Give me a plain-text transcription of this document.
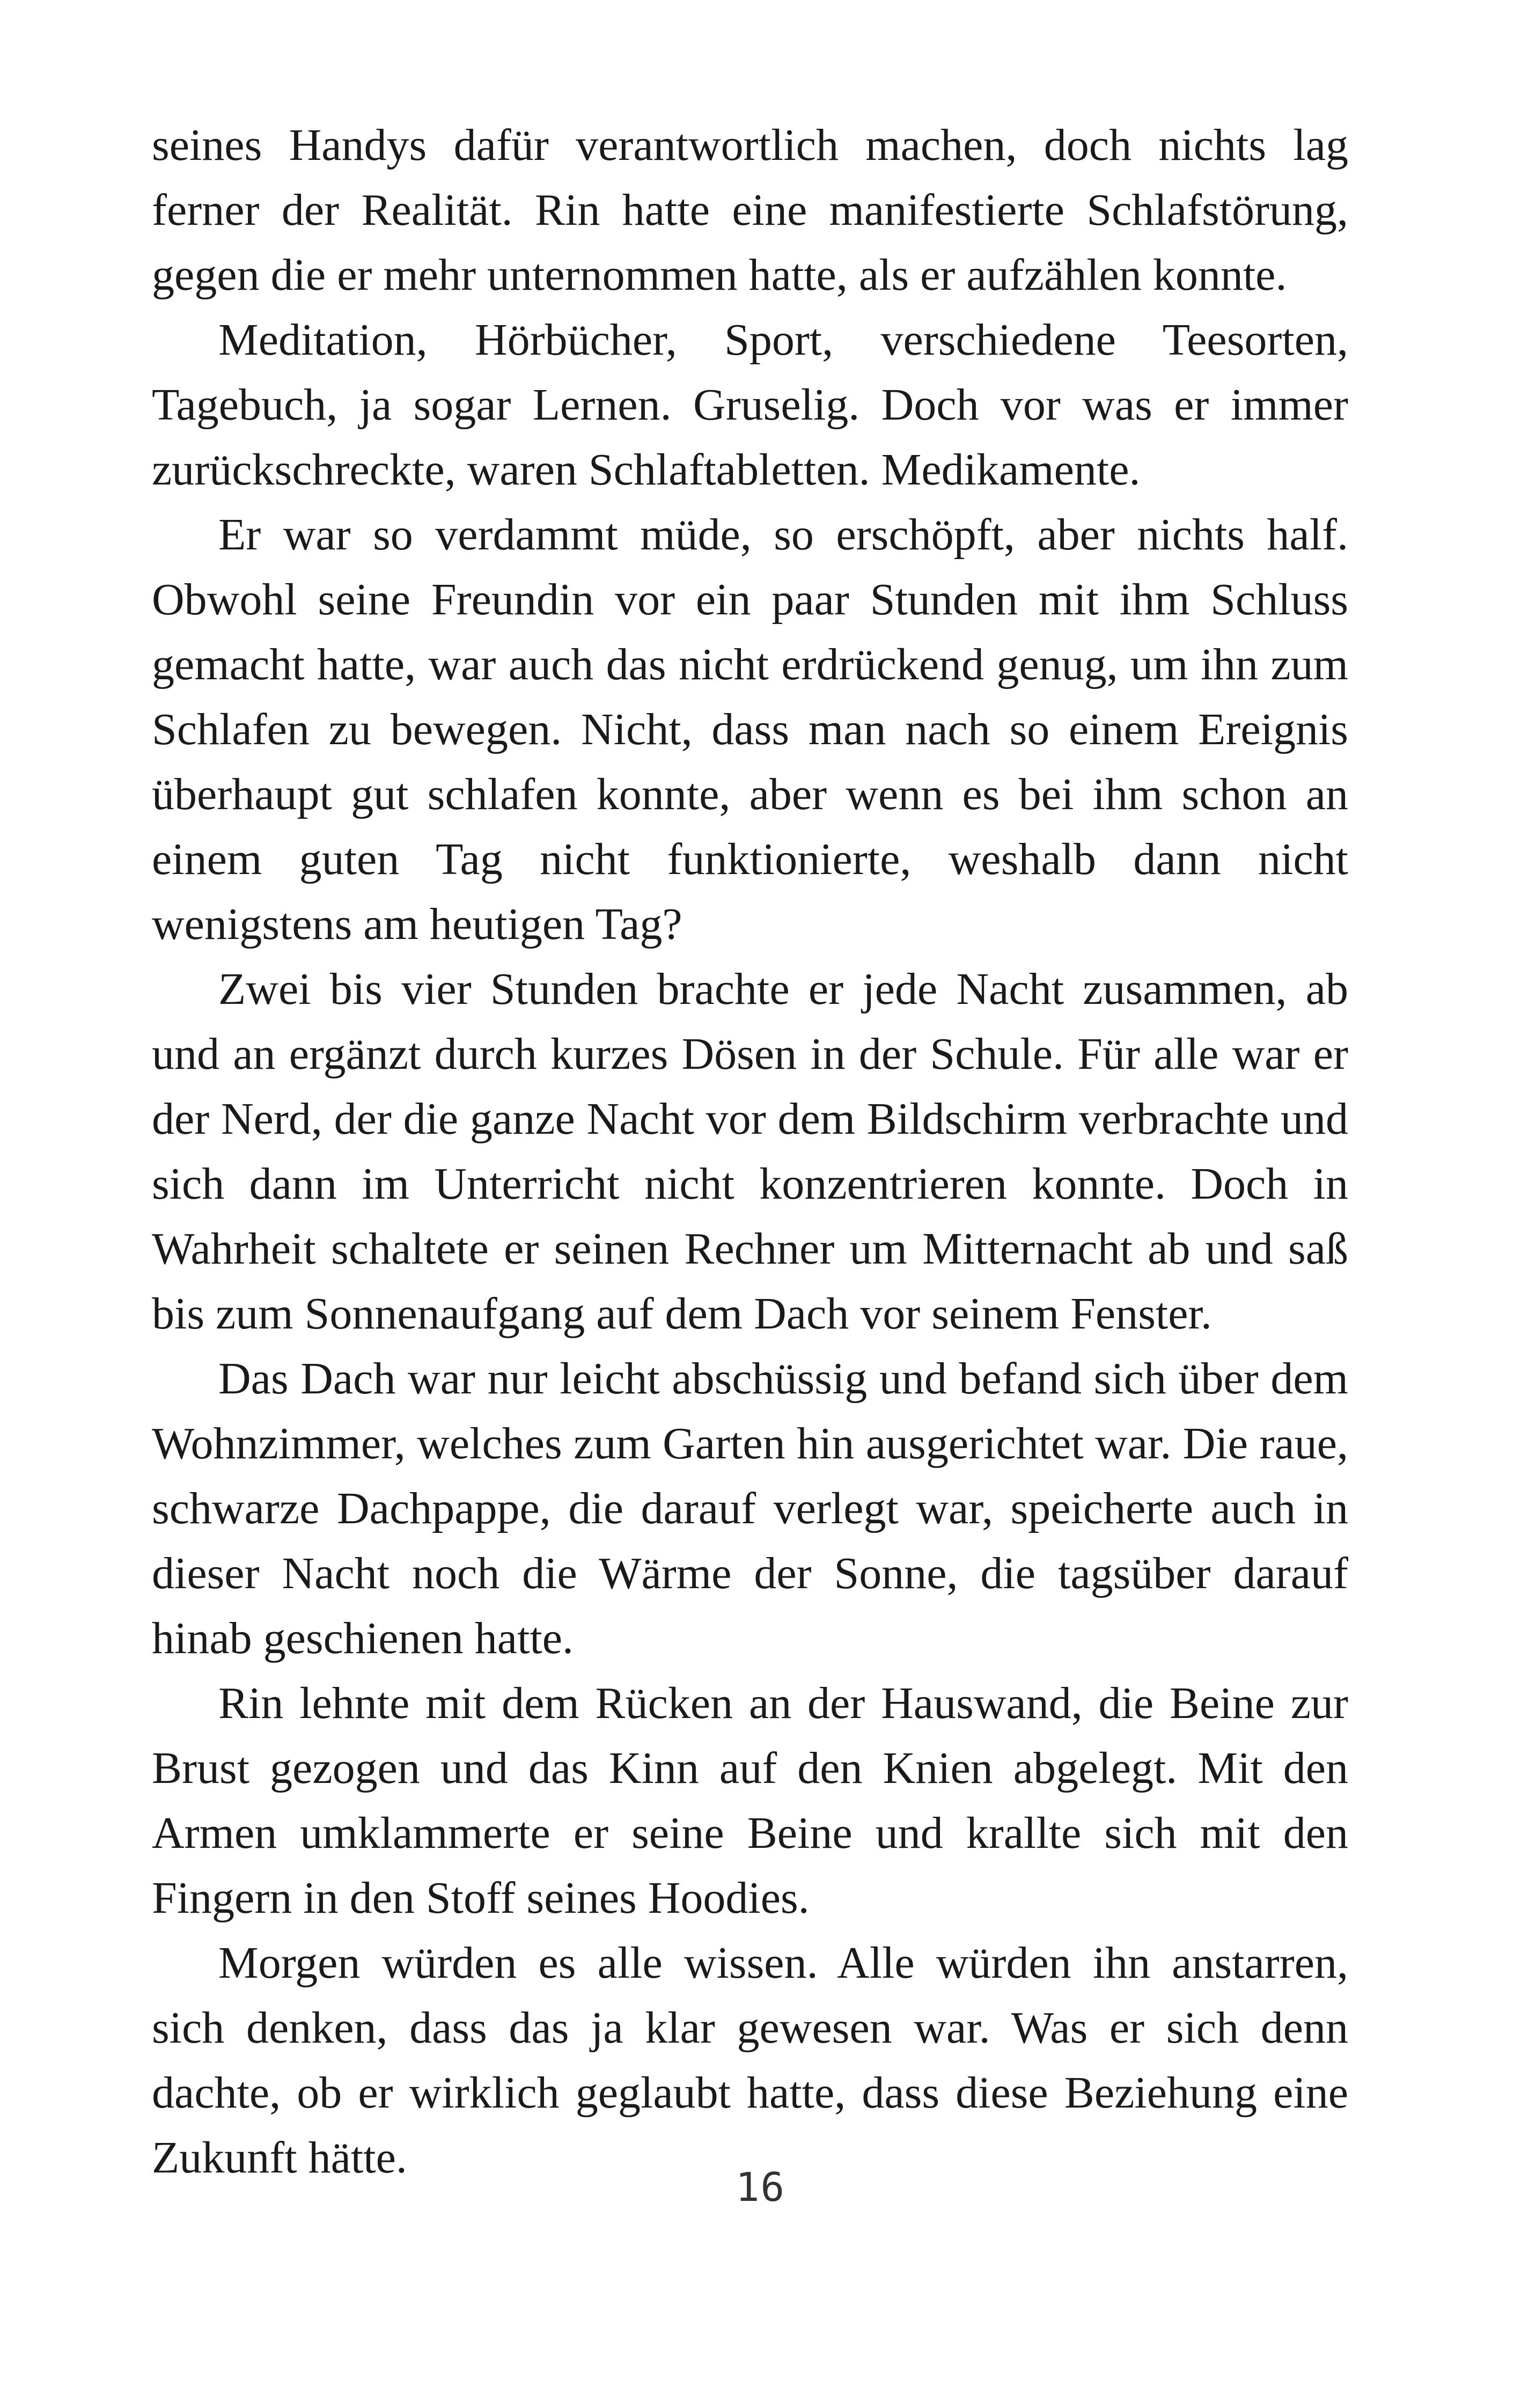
seines Handys dafür verantwortlich machen, doch nichts lag ferner der Realität. Rin hatte eine manifestierte Schlafstörung, gegen die er mehr unternommen hatte, als er aufzählen konnte.

Meditation, Hörbücher, Sport, verschiedene Teesorten, Tagebuch, ja sogar Lernen. Gruselig. Doch vor was er immer zurückschreckte, waren Schlaftabletten. Medikamente.

Er war so verdammt müde, so erschöpft, aber nichts half. Obwohl seine Freundin vor ein paar Stunden mit ihm Schluss gemacht hatte, war auch das nicht erdrückend genug, um ihn zum Schlafen zu bewegen. Nicht, dass man nach so einem Ereignis überhaupt gut schlafen konnte, aber wenn es bei ihm schon an einem guten Tag nicht funktionierte, weshalb dann nicht wenigstens am heutigen Tag?

Zwei bis vier Stunden brachte er jede Nacht zusammen, ab und an ergänzt durch kurzes Dösen in der Schule. Für alle war er der Nerd, der die ganze Nacht vor dem Bildschirm verbrachte und sich dann im Unterricht nicht konzentrieren konnte. Doch in Wahrheit schaltete er seinen Rechner um Mitternacht ab und saß bis zum Sonnenaufgang auf dem Dach vor seinem Fenster.

Das Dach war nur leicht abschüssig und befand sich über dem Wohnzimmer, welches zum Garten hin ausgerichtet war. Die raue, schwarze Dachpappe, die darauf verlegt war, speicherte auch in dieser Nacht noch die Wärme der Sonne, die tagsüber darauf hinab geschienen hatte.

Rin lehnte mit dem Rücken an der Hauswand, die Beine zur Brust gezogen und das Kinn auf den Knien abgelegt. Mit den Armen umklammerte er seine Beine und krallte sich mit den Fingern in den Stoff seines Hoodies.

Morgen würden es alle wissen. Alle würden ihn anstarren, sich denken, dass das ja klar gewesen war. Was er sich denn dachte, ob er wirklich geglaubt hatte, dass diese Beziehung eine Zukunft hätte.

16
